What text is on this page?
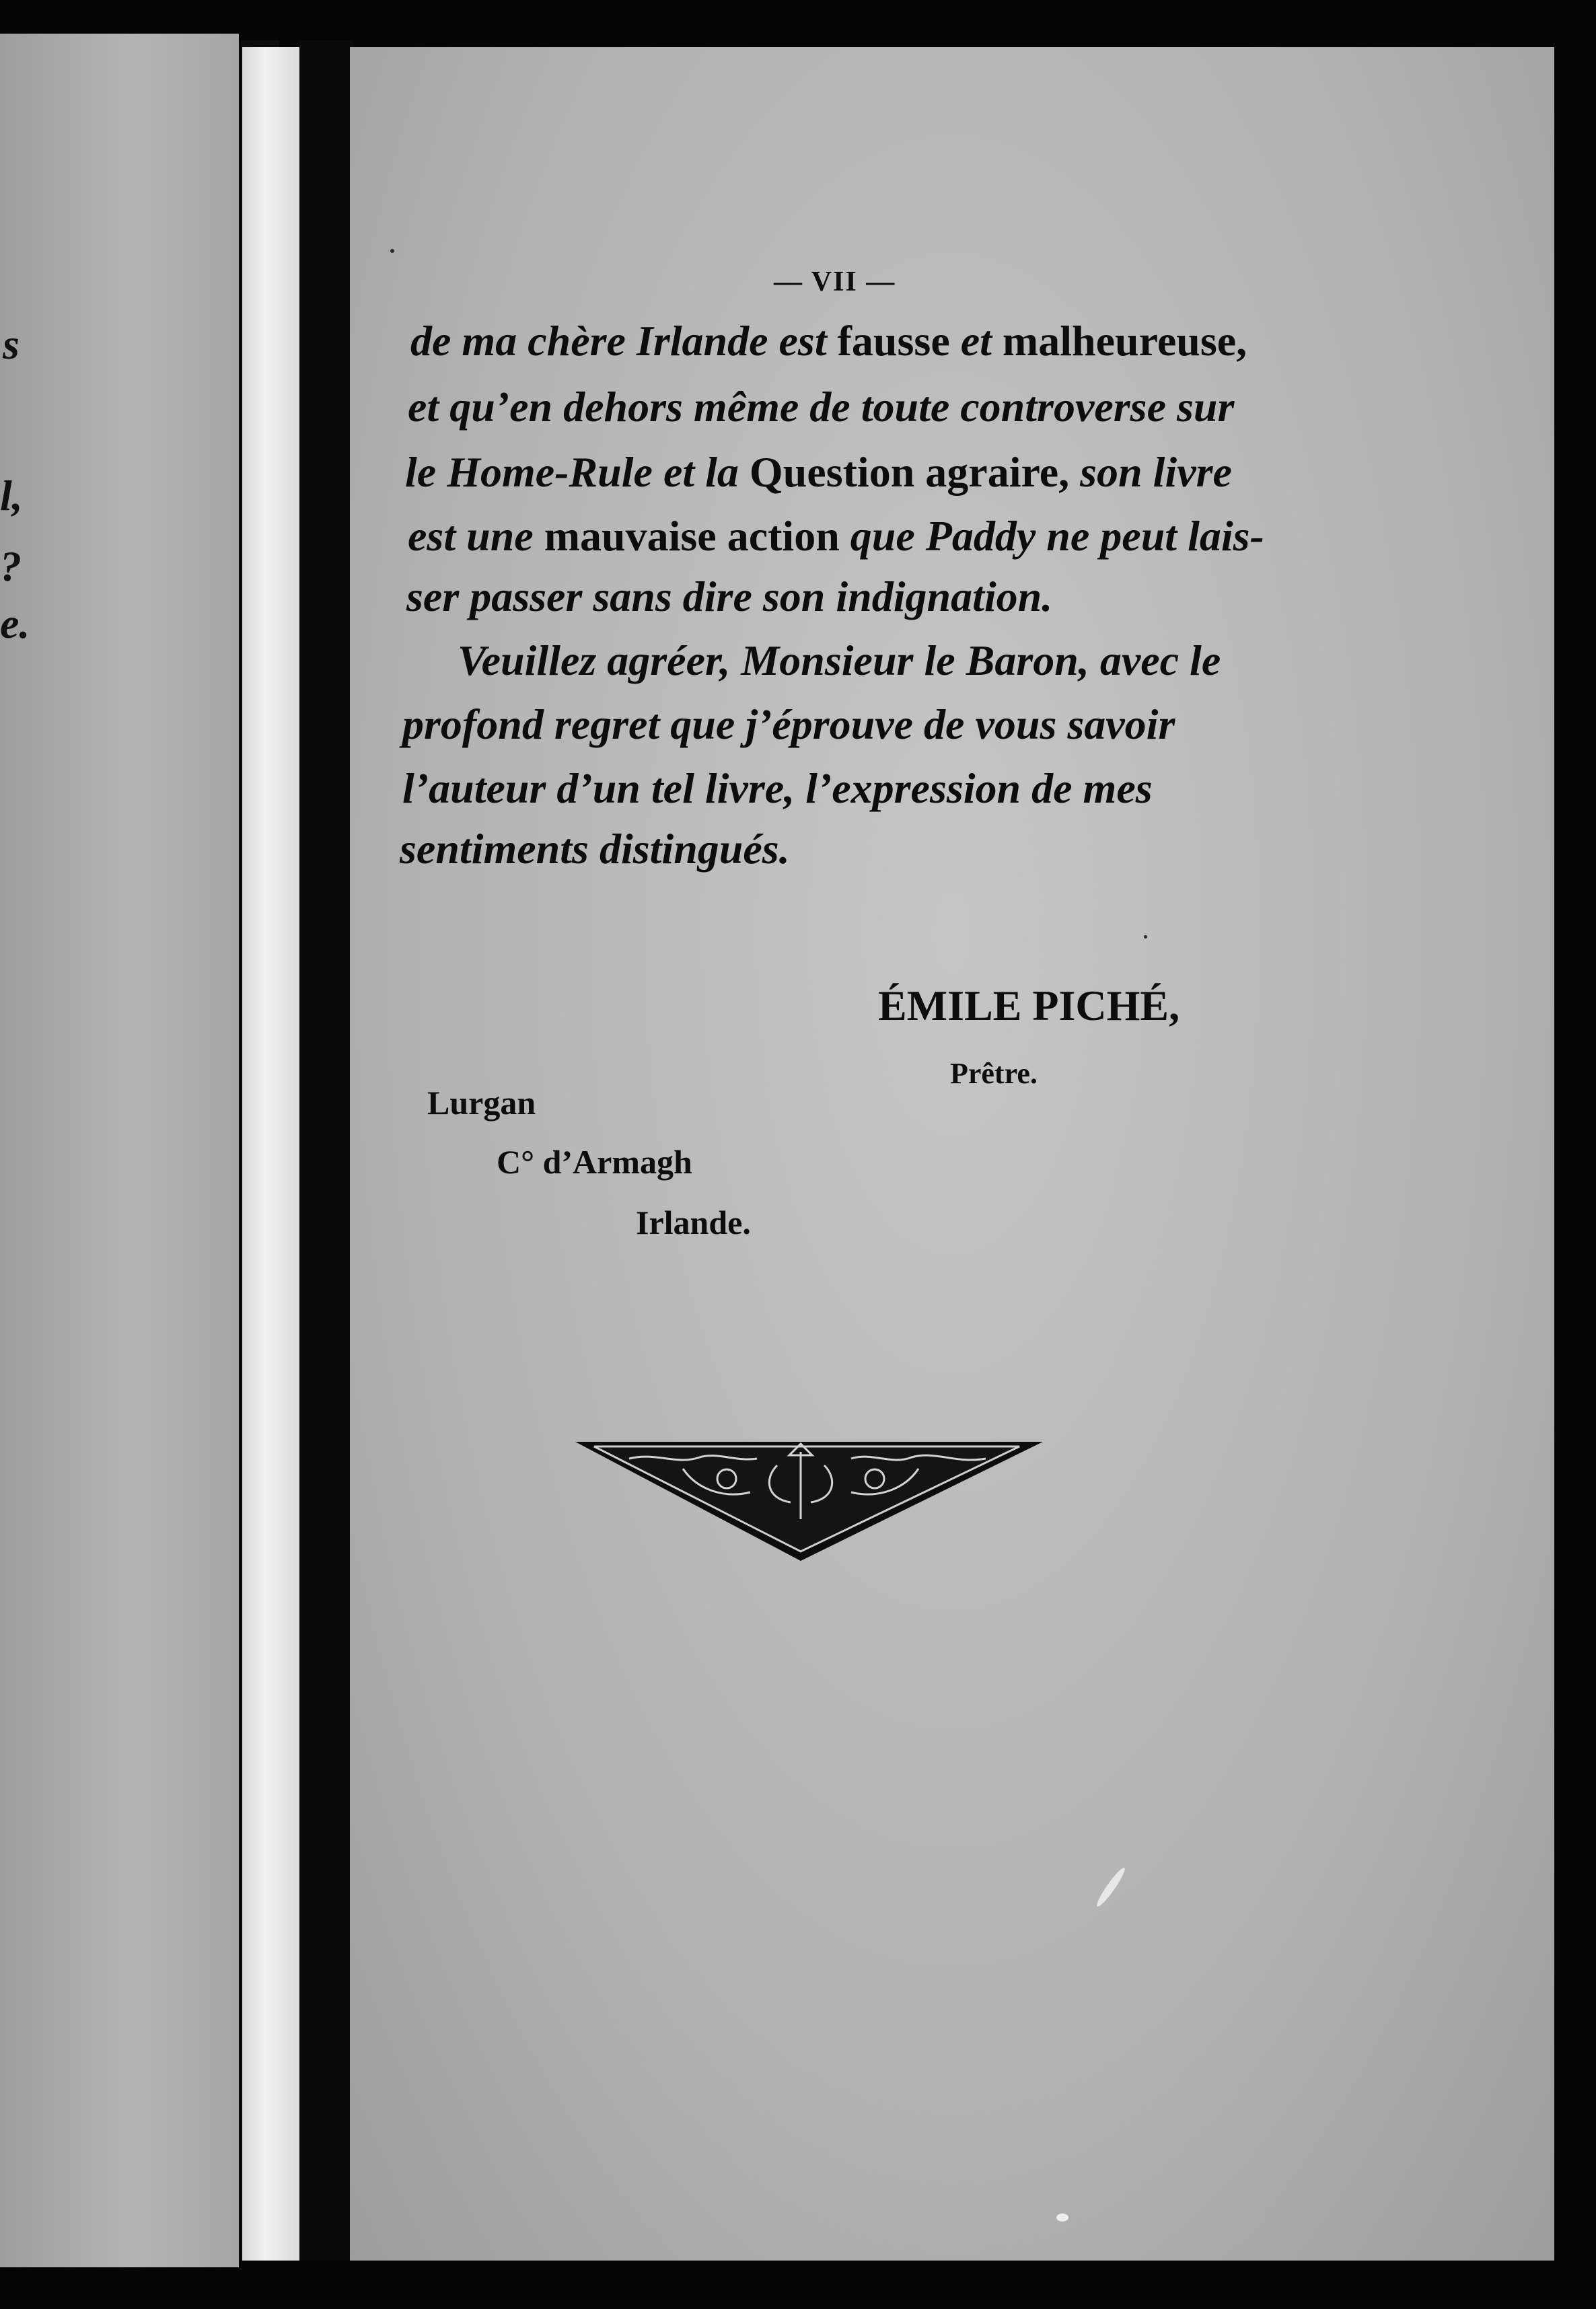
s
l,
?
e.
— VII —
de ma chère Irlande est fausse et malheureuse,
et qu’en dehors même de toute controverse sur
le Home-Rule et la Question agraire, son livre
est une mauvaise action que Paddy ne peut lais-
ser passer sans dire son indignation.
Veuillez agréer, Monsieur le Baron, avec le
profond regret que j’éprouve de vous savoir
l’auteur d’un tel livre, l’expression de mes
sentiments distingués.
ÉMILE PICHÉ,
Prêtre.
Lurgan
C° d’Armagh
Irlande.
